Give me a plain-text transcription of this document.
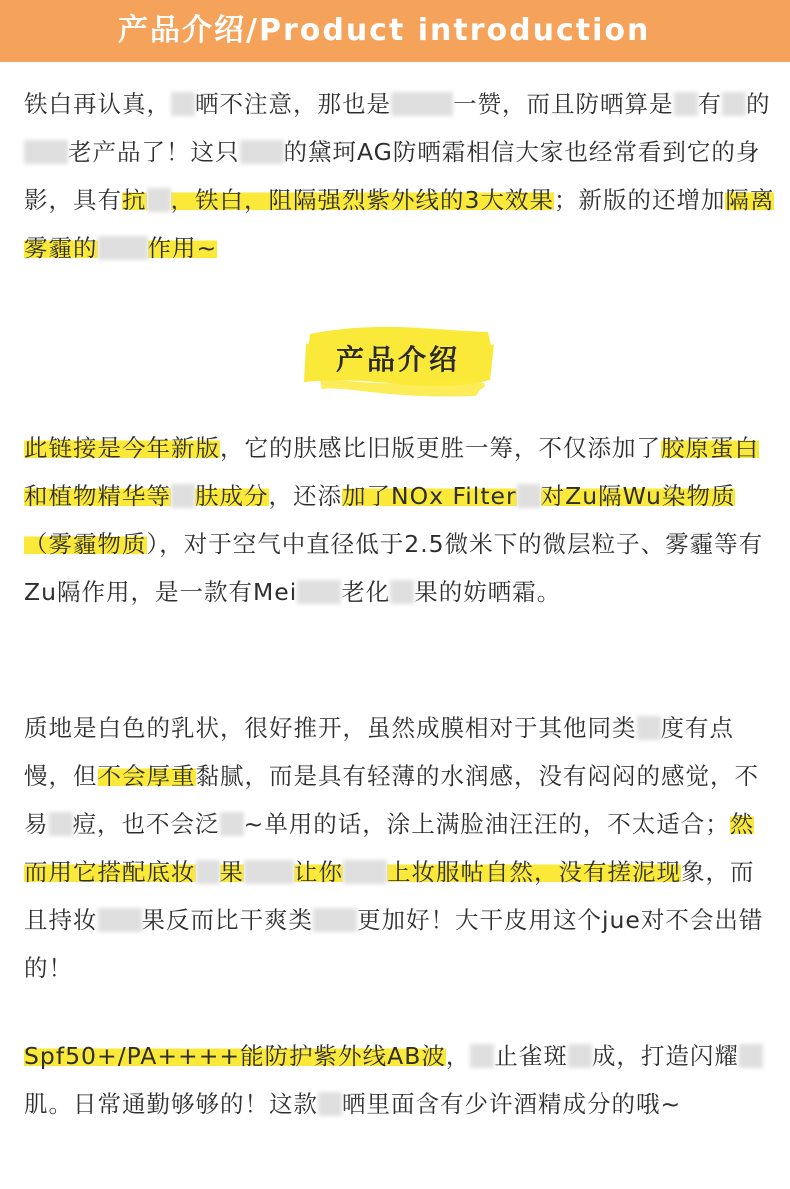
产品介绍/Product introduction

铁白再认真， 晒不注意，那也是	一赞，而且防晒算是 有 的老产品了！这只 的黛珂AG防晒霜相信大家也经常看到它的身影，具有抗 ，铁白，阻隔强烈紫外线的3大效果；新版的还增加隔离雾霾的 作用~

产品介绍

此链接是今年新版，它的肤感比旧版更胜一筹，不仅添加了胶原蛋白和植物精华等 肤成分，还添加了NOx Filter 对Zu隔Wu染物质（雾霾物质），对于空气中直径低于2.5微米下的微层粒子、雾霾等有Zu隔作用，是一款有Mei 老化 果的妨晒霜。

质地是白色的乳状，很好推开，虽然成膜相对于其他同类 度有点慢，但不会厚重黏腻，而是具有轻薄的水润感，没有闷闷的感觉，不易 痘，也不会泛 ~单用的话，涂上满脸油汪汪的，不太适合；然而用它搭配底妆 果 让你 上妆服帖自然，没有搓泥现象，而且持妆 果反而比干爽类 更加好！大干皮用这个jue对不会出错的！

Spf50+/PA++++能防护紫外线AB波， 止雀斑 成，打造闪耀肌。日常通勤够够的！这款 晒里面含有少许酒精成分的哦~
